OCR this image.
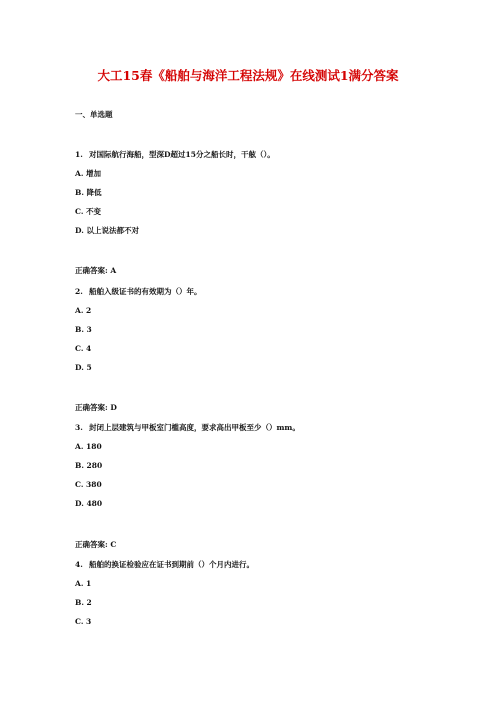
大工15春《船舶与海洋工程法规》在线测试1满分答案
一、单选题
1. 对国际航行海船，型深D超过15分之船长时，干舷（）。
A. 增加
B. 降低
C. 不变
D. 以上说法都不对
正确答案: A
2. 船舶入级证书的有效期为（）年。
A. 2
B. 3
C. 4
D. 5
正确答案: D
3. 封闭上层建筑与甲板室门槛高度，要求高出甲板至少（）mm。
A. 180
B. 280
C. 380
D. 480
正确答案: C
4. 船舶的换证检验应在证书到期前（）个月内进行。
A. 1
B. 2
C. 3
